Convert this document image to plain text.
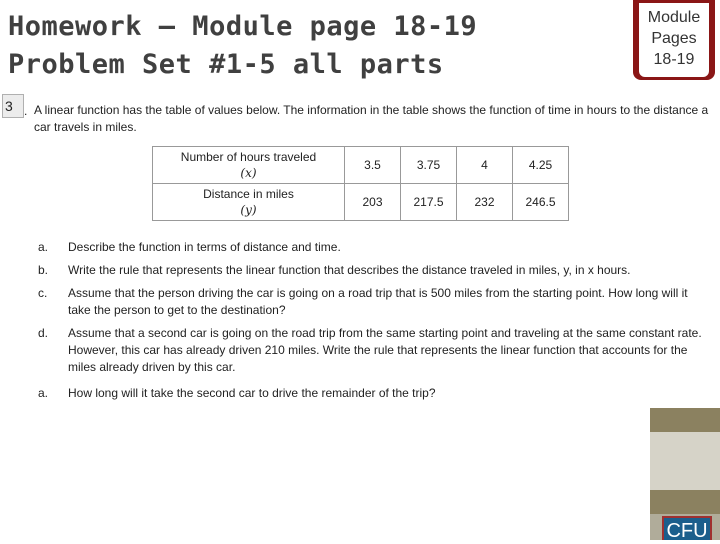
Homework – Module page 18-19
Problem Set #1-5 all parts
Module
Pages
18-19
3 . A linear function has the table of values below. The information in the table shows the function of time in hours to the distance a car travels in miles.
Number of hours traveled
(x)	3.5	3.75	4	4.25

Distance in miles
(y)	203	217.5	232	246.5
a. Describe the function in terms of distance and time.
b. Write the rule that represents the linear function that describes the distance traveled in miles, y, in x hours.
c. Assume that the person driving the car is going on a road trip that is 500 miles from the starting point. How long will it take the person to get to the destination?
d. Assume that a second car is going on the road trip from the same starting point and traveling at the same constant rate. However, this car has already driven 210 miles. Write the rule that represents the linear function that accounts for the miles already driven by this car.
a. How long will it take the second car to drive the remainder of the trip?
CFU
